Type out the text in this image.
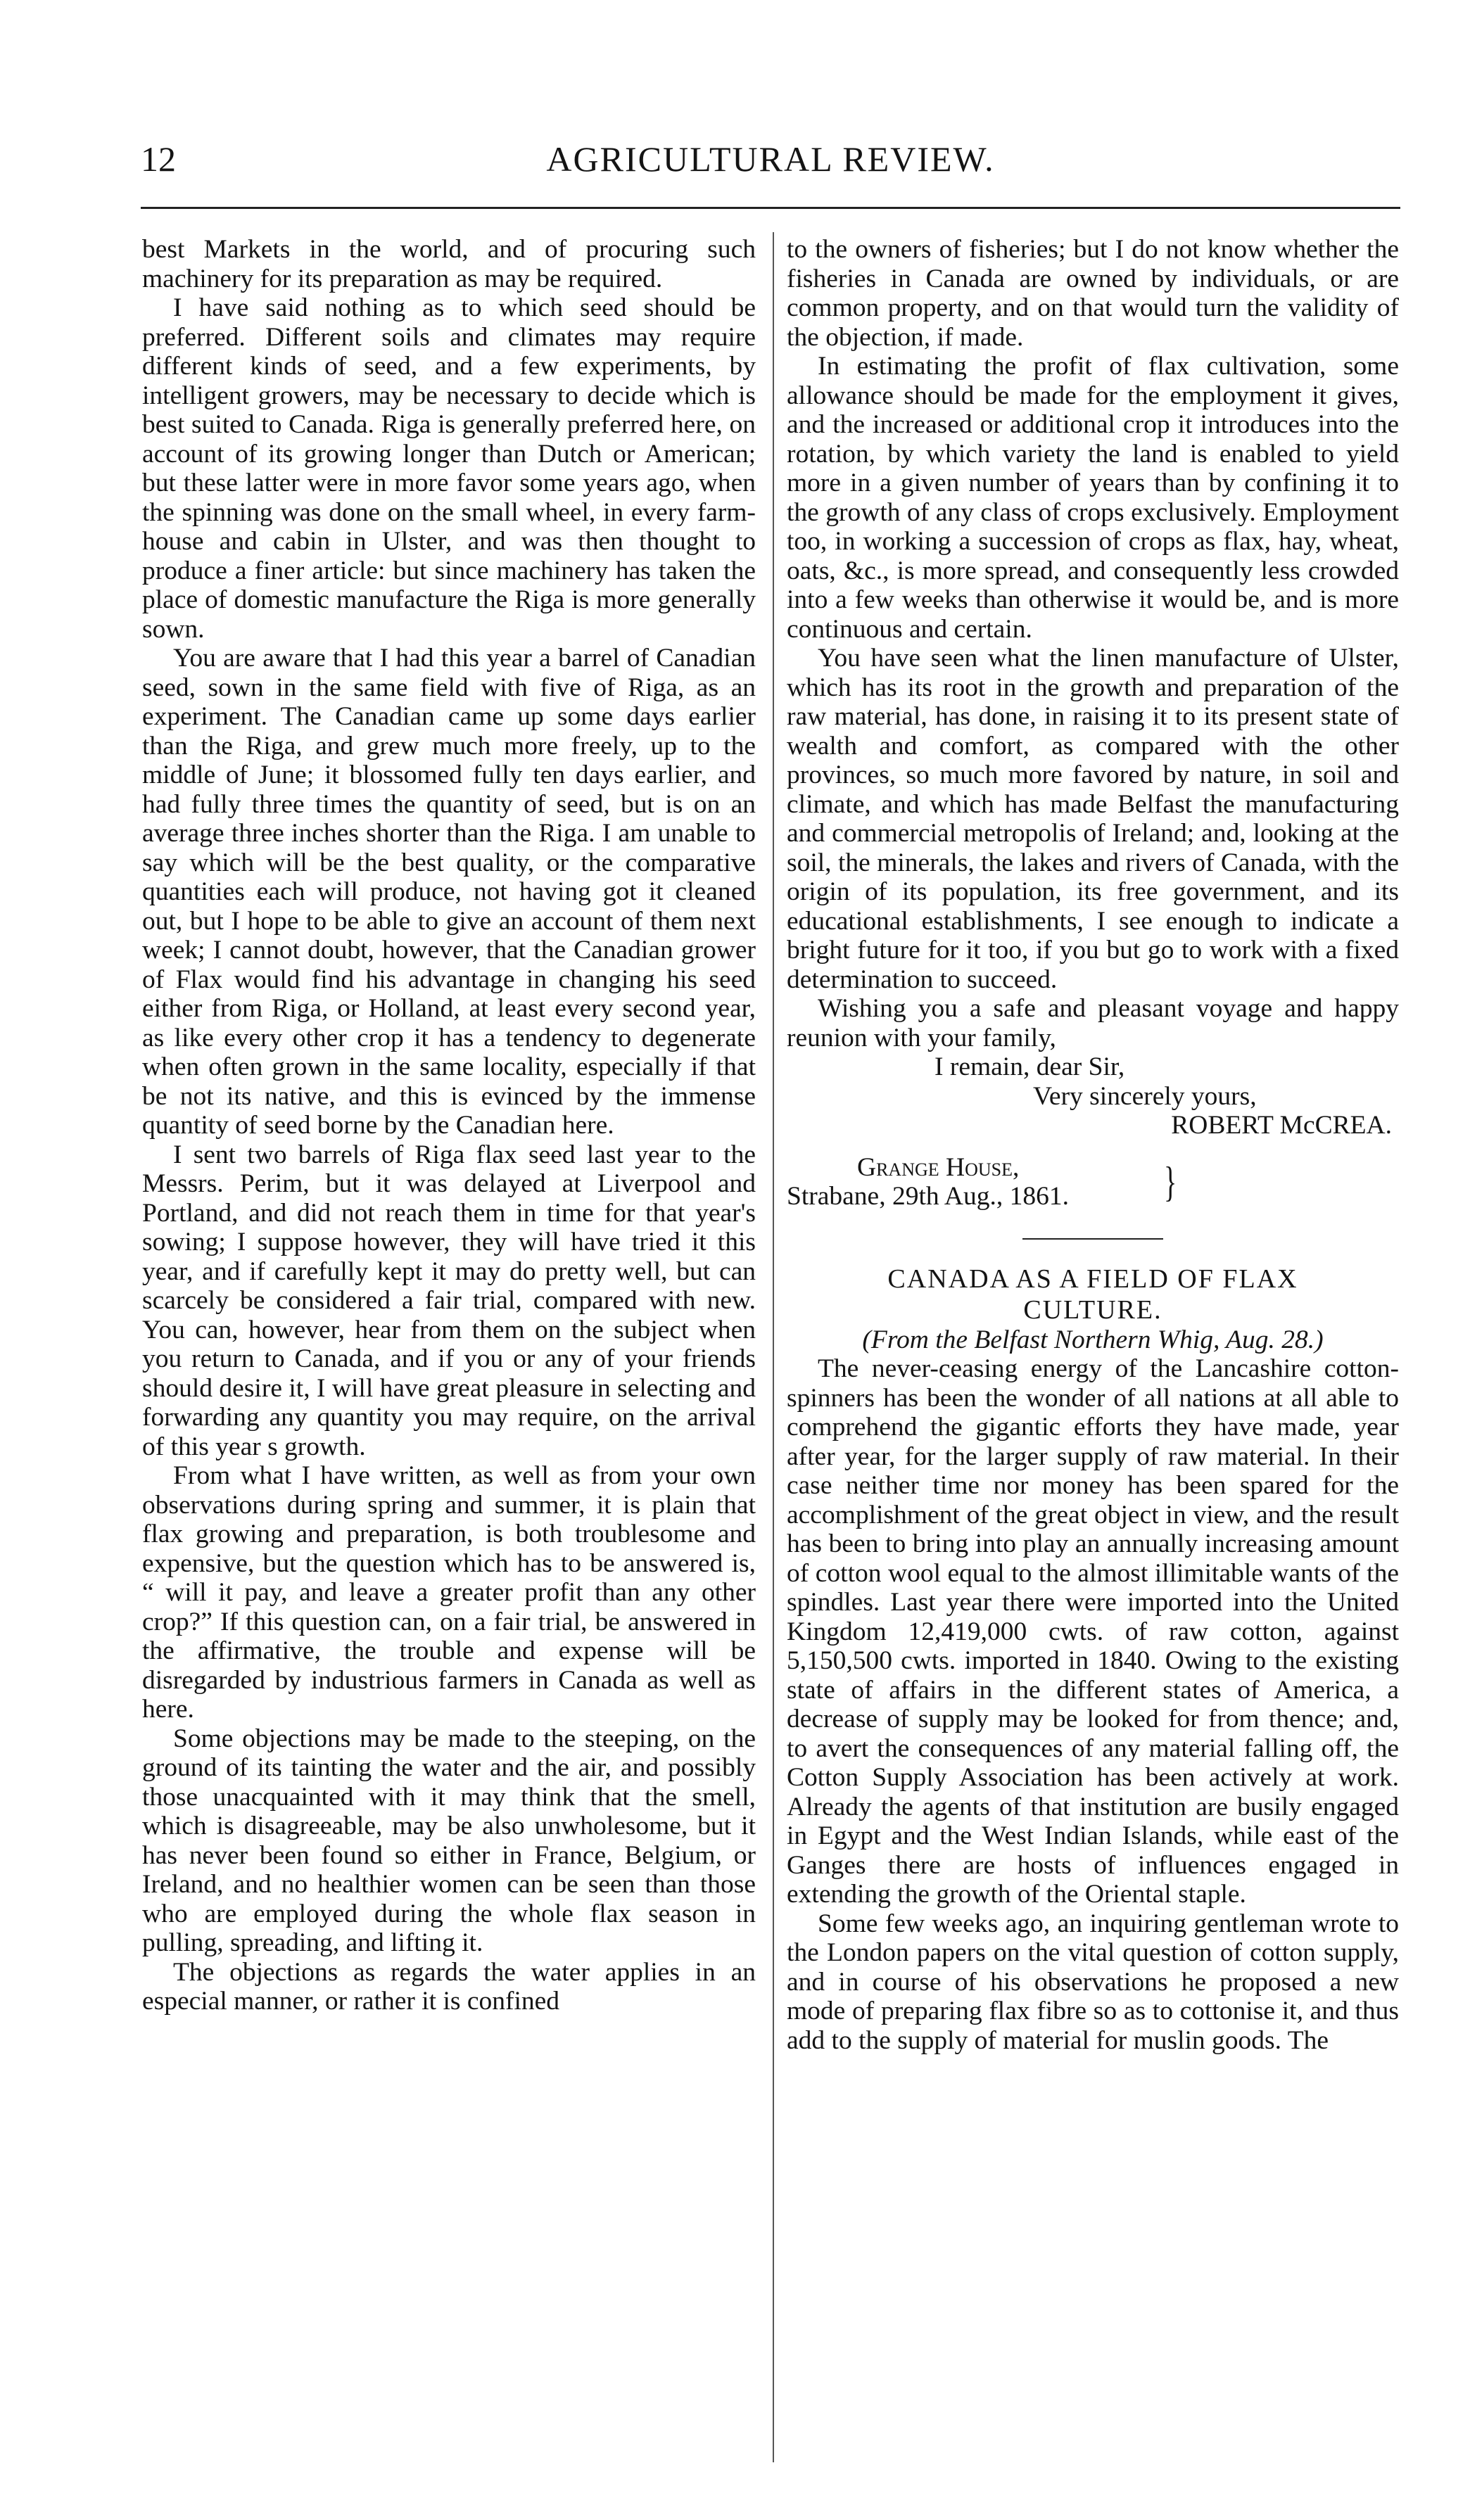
12	AGRICULTURAL REVIEW.

best Markets in the world, and of procuring such machinery for its preparation as may be required.

I have said nothing as to which seed should be preferred. Different soils and climates may require different kinds of seed, and a few experiments, by intelligent growers, may be necessary to decide which is best suited to Canada. Riga is generally preferred here, on account of its growing longer than Dutch or American; but these latter were in more favor some years ago, when the spinning was done on the small wheel, in every farm-house and cabin in Ulster, and was then thought to produce a finer article: but since machinery has taken the place of domestic manufacture the Riga is more generally sown.

You are aware that I had this year a barrel of Canadian seed, sown in the same field with five of Riga, as an experiment. The Canadian came up some days earlier than the Riga, and grew much more freely, up to the middle of June; it blossomed fully ten days earlier, and had fully three times the quantity of seed, but is on an average three inches shorter than the Riga. I am unable to say which will be the best quality, or the comparative quantities each will produce, not having got it cleaned out, but I hope to be able to give an account of them next week; I cannot doubt, however, that the Canadian grower of Flax would find his advantage in changing his seed either from Riga, or Holland, at least every second year, as like every other crop it has a tendency to degenerate when often grown in the same locality, especially if that be not its native, and this is evinced by the immense quantity of seed borne by the Canadian here.

I sent two barrels of Riga flax seed last year to the Messrs. Perim, but it was delayed at Liverpool and Portland, and did not reach them in time for that year's sowing; I suppose however, they will have tried it this year, and if carefully kept it may do pretty well, but can scarcely be considered a fair trial, compared with new. You can, however, hear from them on the subject when you return to Canada, and if you or any of your friends should desire it, I will have great pleasure in selecting and forwarding any quantity you may require, on the arrival of this year s growth.

From what I have written, as well as from your own observations during spring and summer, it is plain that flax growing and preparation, is both troublesome and expensive, but the question which has to be answered is, “ will it pay, and leave a greater profit than any other crop?” If this question can, on a fair trial, be answered in the affirmative, the trouble and expense will be disregarded by industrious farmers in Canada as well as here.

Some objections may be made to the steeping, on the ground of its tainting the water and the air, and possibly those unacquainted with it may think that the smell, which is disagreeable, may be also unwholesome, but it has never been found so either in France, Belgium, or Ireland, and no healthier women can be seen than those who are employed during the whole flax season in pulling, spreading, and lifting it.

The objections as regards the water applies in an especial manner, or rather it is confined

to the owners of fisheries; but I do not know whether the fisheries in Canada are owned by individuals, or are common property, and on that would turn the validity of the objection, if made.

In estimating the profit of flax cultivation, some allowance should be made for the employment it gives, and the increased or additional crop it introduces into the rotation, by which variety the land is enabled to yield more in a given number of years than by confining it to the growth of any class of crops exclusively. Employment too, in working a succession of crops as flax, hay, wheat, oats, &c., is more spread, and consequently less crowded into a few weeks than otherwise it would be, and is more continuous and certain.

You have seen what the linen manufacture of Ulster, which has its root in the growth and preparation of the raw material, has done, in raising it to its present state of wealth and comfort, as compared with the other provinces, so much more favored by nature, in soil and climate, and which has made Belfast the manufacturing and commercial metropolis of Ireland; and, looking at the soil, the minerals, the lakes and rivers of Canada, with the origin of its population, its free government, and its educational establishments, I see enough to indicate a bright future for it too, if you but go to work with a fixed determination to succeed.

Wishing you a safe and pleasant voyage and happy reunion with your family,

I remain, dear Sir,
Very sincerely yours,
ROBERT McCREA.
}
Grange House,
Strabane, 29th Aug., 1861.

CANADA AS A FIELD OF FLAX

CULTURE.

(From the Belfast Northern Whig, Aug. 28.)

The never-ceasing energy of the Lancashire cotton-spinners has been the wonder of all nations at all able to comprehend the gigantic efforts they have made, year after year, for the larger supply of raw material. In their case neither time nor money has been spared for the accomplishment of the great object in view, and the result has been to bring into play an annually increasing amount of cotton wool equal to the almost illimitable wants of the spindles. Last year there were imported into the United Kingdom 12,419,000 cwts. of raw cotton, against 5,150,500 cwts. imported in 1840. Owing to the existing state of affairs in the different states of America, a decrease of supply may be looked for from thence; and, to avert the consequences of any material falling off, the Cotton Supply Association has been actively at work. Already the agents of that institution are busily engaged in Egypt and the West Indian Islands, while east of the Ganges there are hosts of influences engaged in extending the growth of the Oriental staple.

Some few weeks ago, an inquiring gentleman wrote to the London papers on the vital question of cotton supply, and in course of his observations he proposed a new mode of preparing flax fibre so as to cottonise it, and thus add to the supply of material for muslin goods. The
